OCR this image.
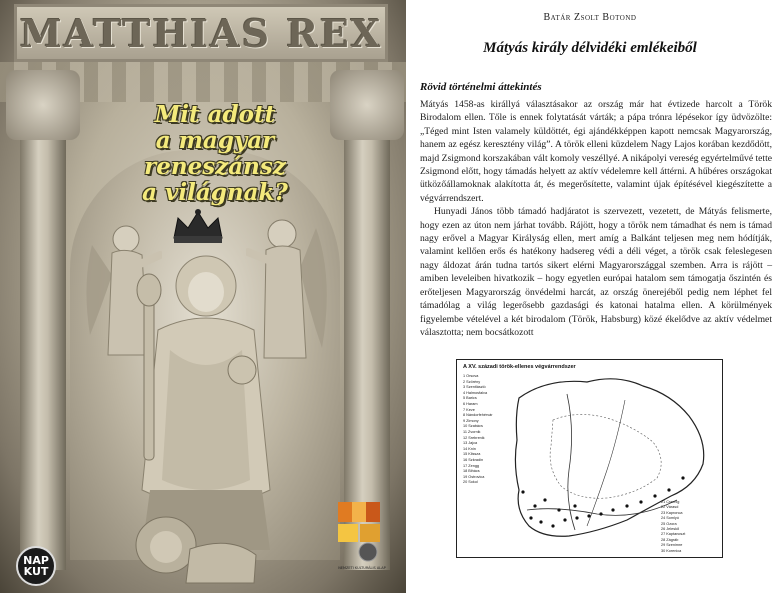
MATTHIAS REX
Mit adott
a magyar reneszánsz
a világnak?
NAP KUT	NEMZETI KULTURÁLIS ALAP
Batár Zsolt Botond
Mátyás király délvidéki emlékeiből
Rövid történelmi áttekintés

Mátyás 1458-as királlyá választásakor az ország már hat évtizede harcolt a Török Birodalom ellen. Tőle is ennek folytatását várták; a pápa trónra lépésekor így üdvözölte: „Téged mint Isten valamely küldöttét, égi ajándékképpen kapott nemcsak Magyarország, hanem az egész keresztény világ”. A török elleni küzdelem Nagy Lajos korában kezdődött, majd Zsigmond korszakában vált komoly veszéllyé. A nikápolyi vereség egyértelművé tette Zsigmond előtt, hogy támadás helyett az aktív védelemre kell áttérni. A hűbéres országokat ütközőállamoknak alakította át, és megerősítette, valamint újak építésével kiegészítette a végvárrendszert.

Hunyadi János több támadó hadjáratot is szervezett, vezetett, de Mátyás felismerte, hogy ezen az úton nem járhat tovább. Rájött, hogy a török nem támadhat és nem is támad nagy erővel a Magyar Királyság ellen, mert amíg a Balkánt teljesen meg nem hódítják, valamint kellően erős és hatékony hadsereg védi a déli véget, a török csak feleslegesen nagy áldozat árán tudna tartós sikert elérni Magyarországgal szemben. Arra is rájött – amiben leveleiben hivatkozik – hogy egyetlen európai hatalom sem támogatja őszintén és erőteljesen Magyarország önvédelmi harcát, az ország önerejéből pedig nem léphet fel támadólag a világ legerősebb gazdasági és katonai hatalma ellen. A körülmények figyelembe vételével a két birodalom (Török, Habsburg) közé ékelődve az aktív védelmet választotta; nem bocsátkozott

A XV. századi török-ellenes végvárrendszer
1 Orsova
2 Szörény
3 Szentlászló
4 Halmosfalva
5 Barics
6 Haram
7 Keve
8 Nándorfehérvár
9 Zimony
10 Szabács
11 Zvornik
12 Srebrenik
13 Jajca
14 Knin
15 Klissza
16 Szkradin
17 Zengg
18 Bihács
19 Ostrovica
20 Sokol
21 Csernig
22 Várasd
23 Kapronca
24 Somlyó
25 Ozora
26 Jeleskő
27 Kaptanoszt
28 Zágráb
29 Szenimre
30 Korenica
